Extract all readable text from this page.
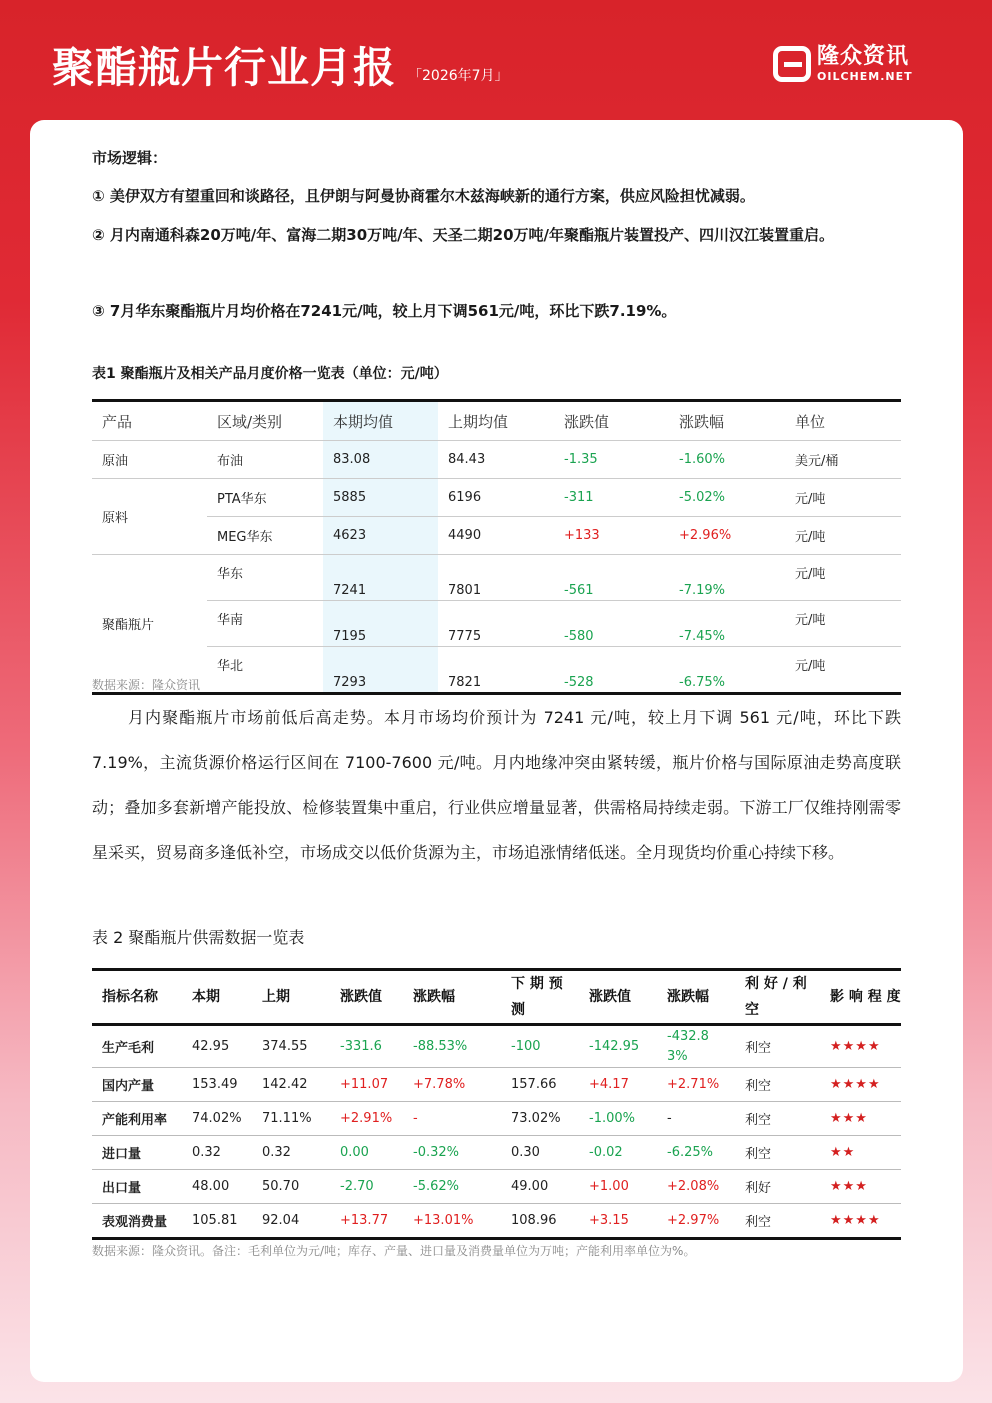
聚酯瓶片行业月报 「2026年7月」
隆众资讯
OILCHEM.NET
市场逻辑：
① 美伊双方有望重回和谈路径，且伊朗与阿曼协商霍尔木兹海峡新的通行方案，供应风险担忧减弱。
② 月内南通科森20万吨/年、富海二期30万吨/年、天圣二期20万吨/年聚酯瓶片装置投产、四川汉江装置重启。
③ 7月华东聚酯瓶片月均价格在7241元/吨，较上月下调561元/吨，环比下跌7.19%。
表1 聚酯瓶片及相关产品月度价格一览表（单位：元/吨）
产品	区域/类别	本期均值	上期均值	涨跌值	涨跌幅	单位
原油	布油	83.08	84.43	-1.35	-1.60%	美元/桶
原料	PTA华东	5885	6196	-311	-5.02%	元/吨
	MEG华东	4623	4490	+133	+2.96%	元/吨
聚酯瓶片	华东	7241	7801	-561	-7.19%	元/吨
	华南	7195	7775	-580	-7.45%	元/吨
	华北	7293	7821	-528	-6.75%	元/吨
数据来源：隆众资讯
月内聚酯瓶片市场前低后高走势。本月市场均价预计为 7241 元/吨，较上月下调 561 元/吨，环比下跌 7.19%，主流货源价格运行区间在 7100-7600 元/吨。月内地缘冲突由紧转缓，瓶片价格与国际原油走势高度联动；叠加多套新增产能投放、检修装置集中重启，行业供应增量显著，供需格局持续走弱。下游工厂仅维持刚需零星采买，贸易商多逢低补空，市场成交以低价货源为主，市场追涨情绪低迷。全月现货均价重心持续下移。
表 2 聚酯瓶片供需数据一览表
指标名称	本期	上期	涨跌值	涨跌幅	下 期 预 测	涨跌值	涨跌幅	利 好 / 利 空	影 响 程 度
生产毛利	42.95	374.55	-331.6	-88.53%	-100	-142.95	-432.83%	利空	★★★★
国内产量	153.49	142.42	+11.07	+7.78%	157.66	+4.17	+2.71%	利空	★★★★
产能利用率	74.02%	71.11%	+2.91%	-	73.02%	-1.00%	-	利空	★★★
进口量	0.32	0.32	0.00	-0.32%	0.30	-0.02	-6.25%	利空	★★
出口量	48.00	50.70	-2.70	-5.62%	49.00	+1.00	+2.08%	利好	★★★
表观消费量	105.81	92.04	+13.77	+13.01%	108.96	+3.15	+2.97%	利空	★★★★
数据来源：隆众资讯。备注：毛利单位为元/吨；库存、产量、进口量及消费量单位为万吨；产能利用率单位为%。
